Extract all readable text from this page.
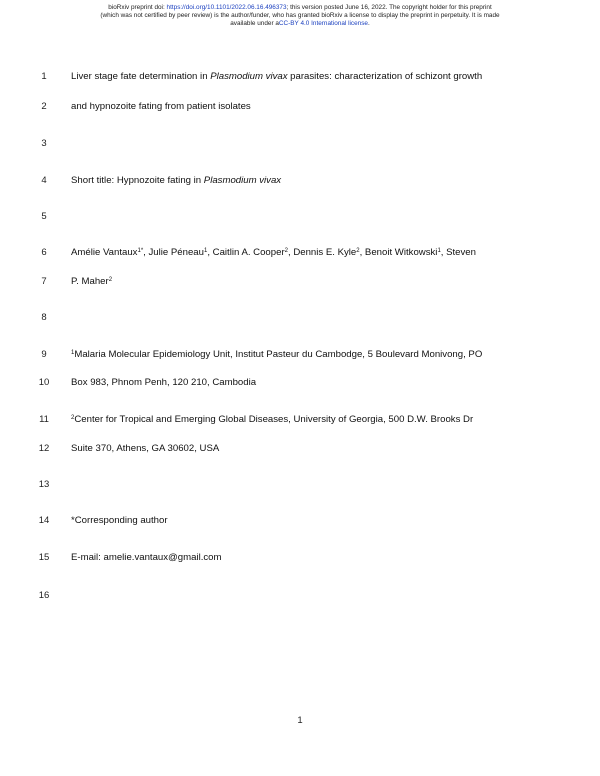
bioRxiv preprint doi: https://doi.org/10.1101/2022.06.16.496373; this version posted June 16, 2022. The copyright holder for this preprint
(which was not certified by peer review) is the author/funder, who has granted bioRxiv a license to display the preprint in perpetuity. It is made
available under aCC-BY 4.0 International license.
1	Liver stage fate determination in Plasmodium vivax parasites: characterization of schizont growth
2	and hypnozoite fating from patient isolates
3
4	Short title: Hypnozoite fating in Plasmodium vivax
5
6	Amélie Vantaux$^{1*}$, Julie Péneau$^1$, Caitlin A. Cooper$^2$, Dennis E. Kyle$^2$, Benoit Witkowski$^1$, Steven
7	P. Maher$^2$
8
9	$^1$Malaria Molecular Epidemiology Unit, Institut Pasteur du Cambodge, 5 Boulevard Monivong, PO
10	Box 983, Phnom Penh, 120 210, Cambodia
11	$^2$Center for Tropical and Emerging Global Diseases, University of Georgia, 500 D.W. Brooks Dr
12	Suite 370, Athens, GA 30602, USA
13
14	*Corresponding author
15	E-mail: amelie.vantaux@gmail.com
16
1
